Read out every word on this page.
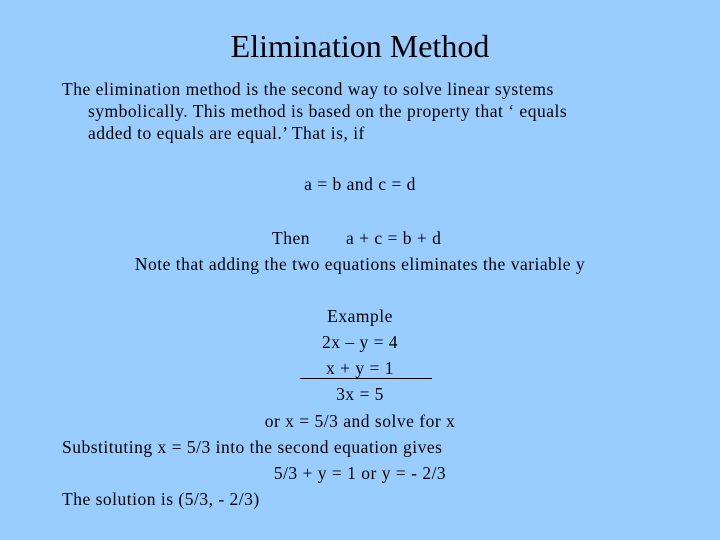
Elimination Method
The elimination method is the second way to solve linear systems
symbolically. This method is based on the property that ‘ equals
added to equals are equal.’ That is, if
a = b and c = d
Then a + c = b + d
Note that adding the two equations eliminates the variable y
Example
2x – y = 4
x + y = 1
3x = 5
or x = 5/3 and solve for x
Substituting x = 5/3 into the second equation gives
5/3 + y = 1 or y = - 2/3
The solution is (5/3, - 2/3)
